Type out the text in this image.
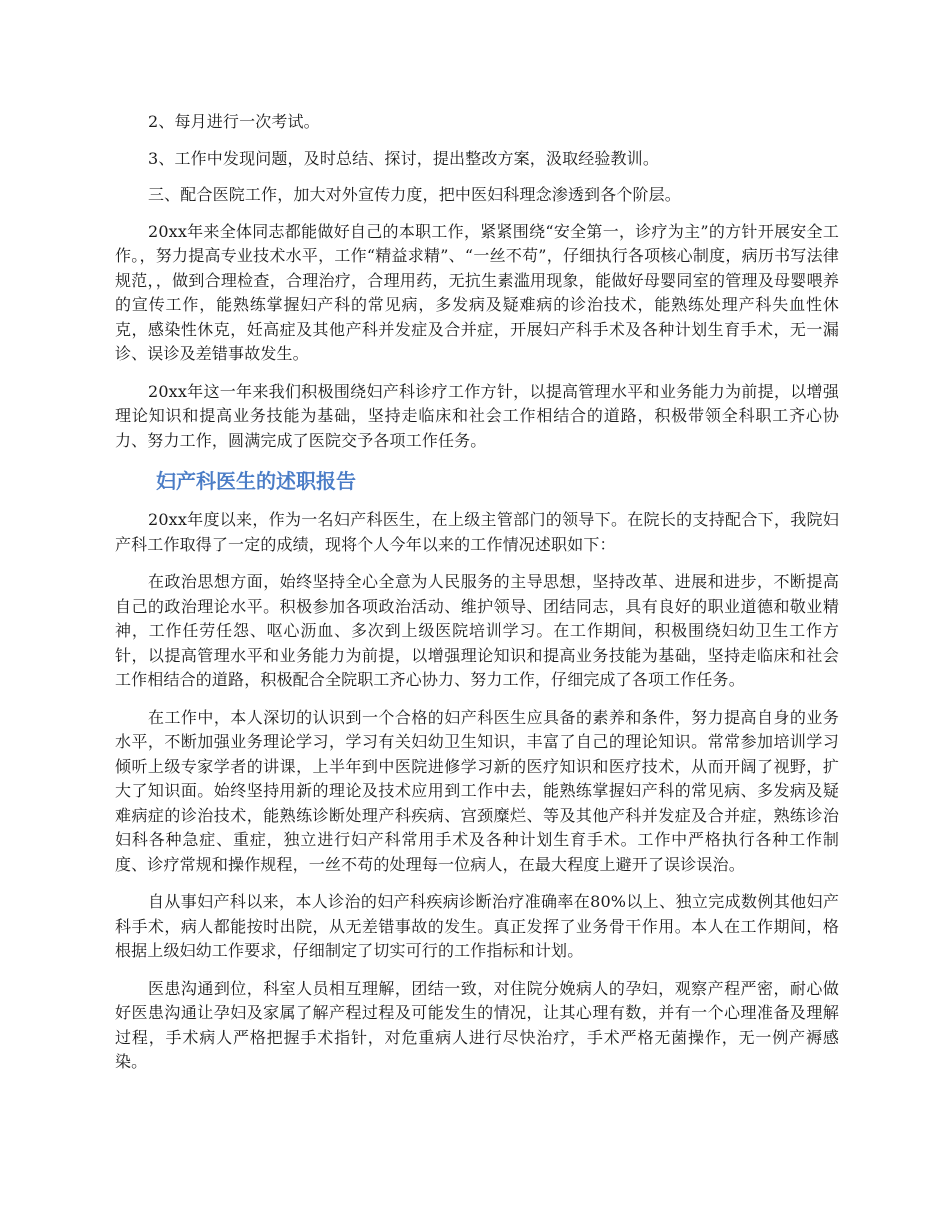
2、每月进行一次考试。

3、工作中发现问题，及时总结、探讨，提出整改方案，汲取经验教训。

三、配合医院工作，加大对外宣传力度，把中医妇科理念渗透到各个阶层。

20xx年来全体同志都能做好自己的本职工作，紧紧围绕“安全第一，诊疗为主”的方针开展安全工作。，努力提高专业技术水平，工作“精益求精”、“一丝不苟”，仔细执行各项核心制度，病历书写法律规范，，做到合理检查，合理治疗，合理用药，无抗生素滥用现象，能做好母婴同室的管理及母婴喂养的宣传工作，能熟练掌握妇产科的常见病，多发病及疑难病的诊治技术，能熟练处理产科失血性休克，感染性休克，妊高症及其他产科并发症及合并症，开展妇产科手术及各种计划生育手术，无一漏诊、误诊及差错事故发生。

20xx年这一年来我们积极围绕妇产科诊疗工作方针，以提高管理水平和业务能力为前提，以增强理论知识和提高业务技能为基础，坚持走临床和社会工作相结合的道路，积极带领全科职工齐心协力、努力工作，圆满完成了医院交予各项工作任务。

妇产科医生的述职报告

20xx年度以来，作为一名妇产科医生，在上级主管部门的领导下。在院长的支持配合下，我院妇产科工作取得了一定的成绩，现将个人今年以来的工作情况述职如下：

在政治思想方面，始终坚持全心全意为人民服务的主导思想，坚持改革、进展和进步，不断提高自己的政治理论水平。积极参加各项政治活动、维护领导、团结同志，具有良好的职业道德和敬业精神，工作任劳任怨、呕心沥血、多次到上级医院培训学习。在工作期间，积极围绕妇幼卫生工作方针，以提高管理水平和业务能力为前提，以增强理论知识和提高业务技能为基础，坚持走临床和社会工作相结合的道路，积极配合全院职工齐心协力、努力工作，仔细完成了各项工作任务。

在工作中，本人深切的认识到一个合格的妇产科医生应具备的素养和条件，努力提高自身的业务水平，不断加强业务理论学习，学习有关妇幼卫生知识，丰富了自己的理论知识。常常参加培训学习倾听上级专家学者的讲课，上半年到中医院进修学习新的医疗知识和医疗技术，从而开阔了视野，扩大了知识面。始终坚持用新的理论及技术应用到工作中去，能熟练掌握妇产科的常见病、多发病及疑难病症的诊治技术，能熟练诊断处理产科疾病、宫颈糜烂、等及其他产科并发症及合并症，熟练诊治妇科各种急症、重症，独立进行妇产科常用手术及各种计划生育手术。工作中严格执行各种工作制度、诊疗常规和操作规程，一丝不苟的处理每一位病人，在最大程度上避开了误诊误治。

自从事妇产科以来，本人诊治的妇产科疾病诊断治疗准确率在80%以上、独立完成数例其他妇产科手术，病人都能按时出院，从无差错事故的发生。真正发挥了业务骨干作用。本人在工作期间，格根据上级妇幼工作要求，仔细制定了切实可行的工作指标和计划。

医患沟通到位，科室人员相互理解，团结一致，对住院分娩病人的孕妇，观察产程严密，耐心做好医患沟通让孕妇及家属了解产程过程及可能发生的情况，让其心理有数，并有一个心理准备及理解过程，手术病人严格把握手术指针，对危重病人进行尽快治疗，手术严格无菌操作，无一例产褥感染。
